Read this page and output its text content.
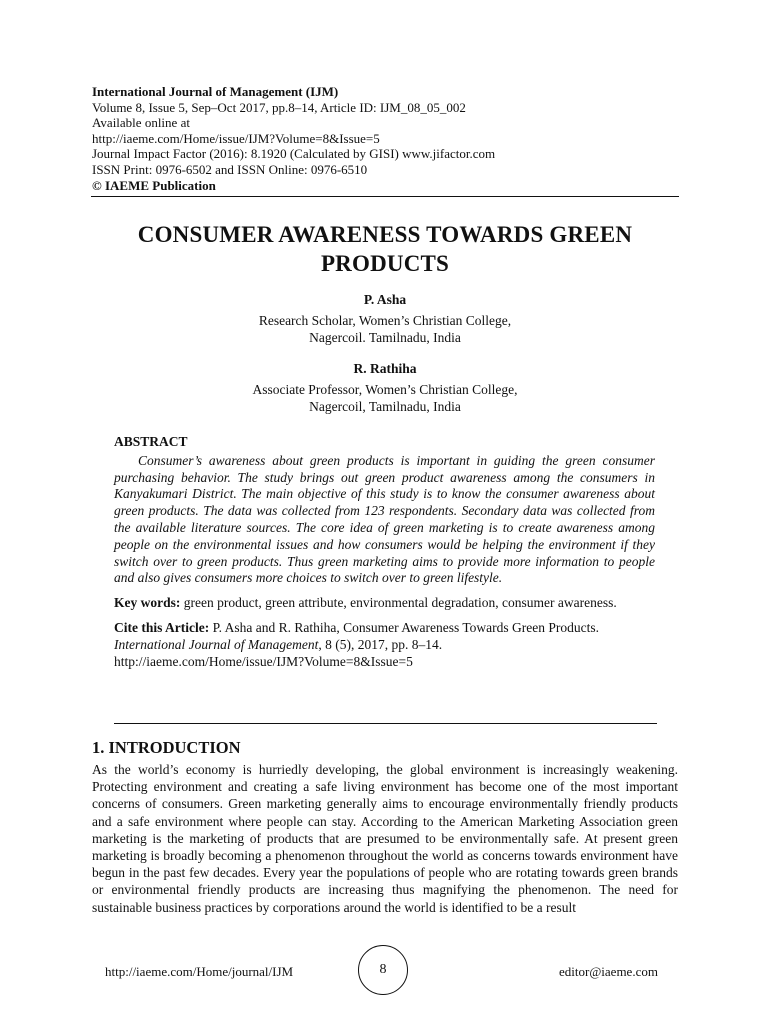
International Journal of Management (IJM)
Volume 8, Issue 5, Sep–Oct 2017, pp.8–14, Article ID: IJM_08_05_002
Available online at
http://iaeme.com/Home/issue/IJM?Volume=8&Issue=5
Journal Impact Factor (2016): 8.1920 (Calculated by GISI) www.jifactor.com
ISSN Print: 0976-6502 and ISSN Online: 0976-6510
© IAEME Publication
CONSUMER AWARENESS TOWARDS GREEN
PRODUCTS
P. Asha
Research Scholar, Women’s Christian College,
Nagercoil. Tamilnadu, India
R. Rathiha
Associate Professor, Women’s Christian College,
Nagercoil, Tamilnadu, India
ABSTRACT

Consumer’s awareness about green products is important in guiding the green consumer purchasing behavior. The study brings out green product awareness among the consumers in Kanyakumari District. The main objective of this study is to know the consumer awareness about green products. The data was collected from 123 respondents. Secondary data was collected from the available literature sources. The core idea of green marketing is to create awareness among people on the environmental issues and how consumers would be helping the environment if they switch over to green products. Thus green marketing aims to provide more information to people and also gives consumers more choices to switch over to green lifestyle.

Key words: green product, green attribute, environmental degradation, consumer awareness.
Cite this Article: P. Asha and R. Rathiha, Consumer Awareness Towards Green Products. International Journal of Management, 8 (5), 2017, pp. 8–14.
http://iaeme.com/Home/issue/IJM?Volume=8&Issue=5
1. INTRODUCTION

As the world’s economy is hurriedly developing, the global environment is increasingly weakening. Protecting environment and creating a safe living environment has become one of the most important concerns of consumers. Green marketing generally aims to encourage environmentally friendly products and a safe environment where people can stay. According to the American Marketing Association green marketing is the marketing of products that are presumed to be environmentally safe. At present green marketing is broadly becoming a phenomenon throughout the world as concerns towards environment have begun in the past few decades. Every year the populations of people who are rotating towards green brands or environmental friendly products are increasing thus magnifying the phenomenon. The need for sustainable business practices by corporations around the world is identified to be a result

http://iaeme.com/Home/journal/IJM	8	editor@iaeme.com
